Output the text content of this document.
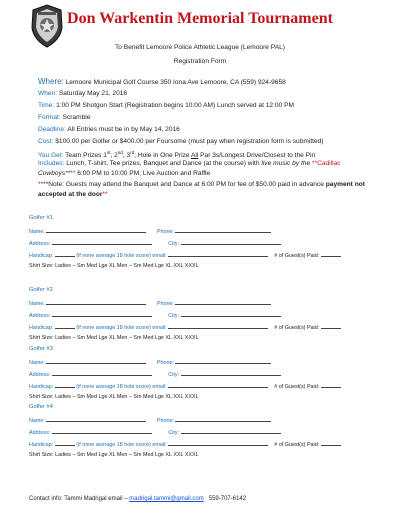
Don Warkentin Memorial Tournament
To Benefit Lemoore Police Athletic League (Lemoore PAL)
Registration Form
Where: Lemoore Municipal Golf Course 350 Iona Ave Lemoore, CA (559) 924-9658
When: Saturday May 21, 2016
Time: 1:00 PM Shotgun Start (Registration begins 10:00 AM) Lunch served at 12:00 PM
Format: Scramble
Deadline: All Entries must be in by May 14, 2016
Cost: $100.00 per Golfer or $400.00 per Foursome (must pay when registration form is submitted)
You Get: Team Prizes 1st, 2nd, 3rd; Hole in One Prize All Par 3s/Longest Drive/Closest to the Pin
Includes: Lunch, T-shirt, Tee prizes, Banquet and Dance (at the course) with live music by the **Cadillac
Cowboys**** 6:00 PM to 10:00 PM, Live Auction and Raffle
****Note: Guests may attend the Banquet and Dance at 6:00 PM for fee of $50.00 paid in advance payment not
accepted at the door**
Golfer #1
Name:	Phone:
Address:	City:
Handicap:	(if none average 18 hole score) email:	# of Guest(s) Paid:
Shirt Size: Ladies – Sm Med Lge XL Men – Sm Med Lge XL XXL XXXL
Golfer #2
Name:	Phone:
Address:	City:
Handicap:	(if none average 18 hole score) email:	# of Guest(s) Paid:
Shirt Size: Ladies – Sm Med Lge XL Men – Sm Med Lge XL XXL XXXL
Golfer #3
Name:	Phone:
Address:	City:
Handicap:	(if none average 18 hole score) email:	# of Guest(s) Paid:
Shirt Size: Ladies – Sm Med Lge XL Men – Sm Med Lge XL XXL XXXL
Golfer #4
Name:	Phone:
Address:	City:
Handicap:	(if none average 18 hole score) email:	# of Guest(s) Paid:
Shirt Size: Ladies – Sm Med Lge XL Men – Sm Med Lge XL XXL XXXL
Contact info: Tammi Madrigal email – madrigal.tammi@gmail.com 559-707-6142
